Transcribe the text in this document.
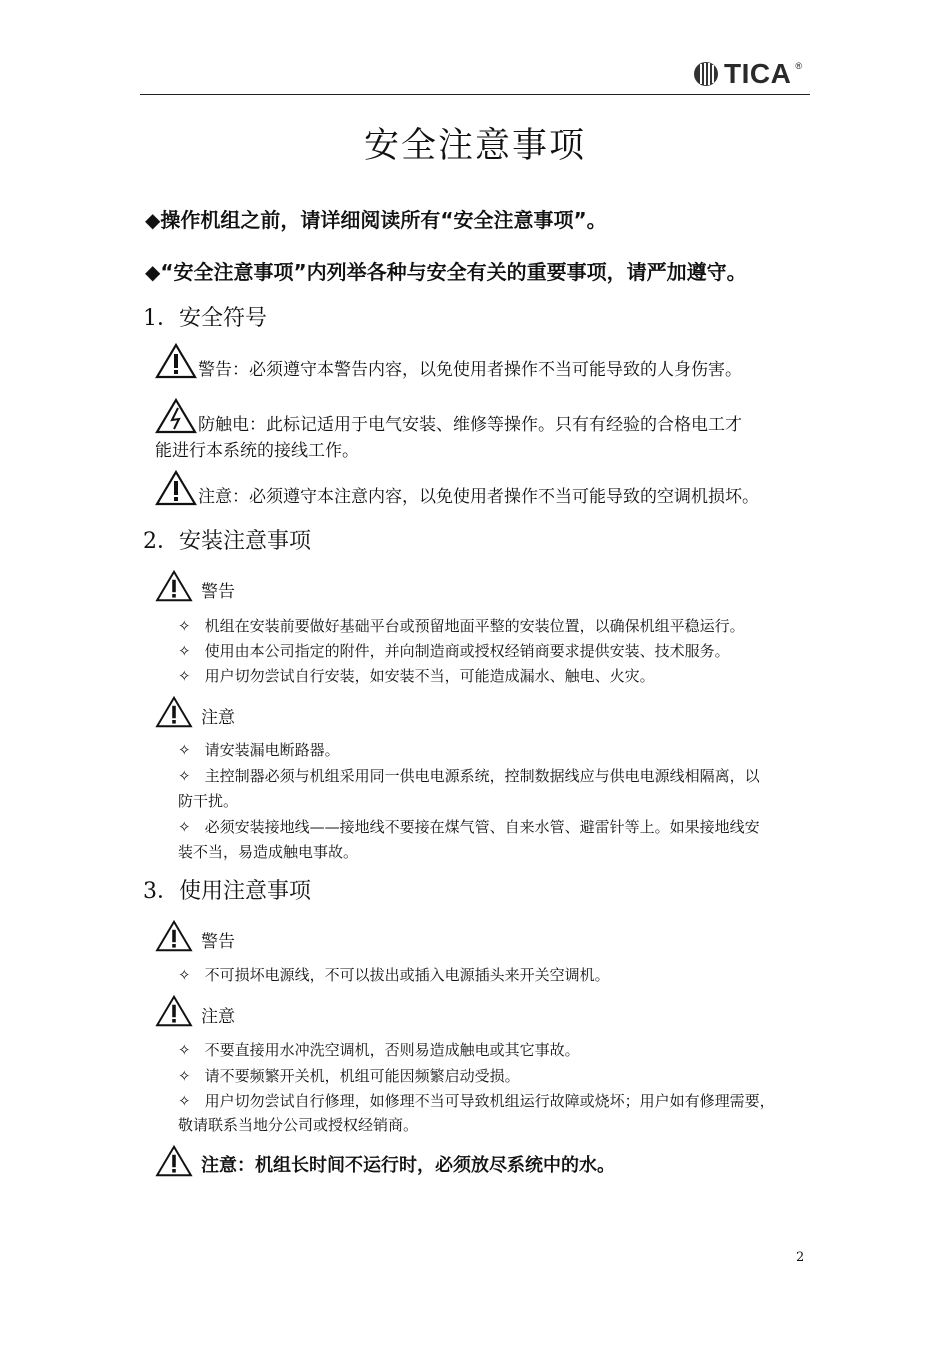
TICA ®
安全注意事项
◆操作机组之前，请详细阅读所有“安全注意事项”。
◆“安全注意事项”内列举各种与安全有关的重要事项，请严加遵守。
1．安全符号
警告：必须遵守本警告内容，以免使用者操作不当可能导致的人身伤害。
防触电：此标记适用于电气安装、维修等操作。只有有经验的合格电工才
能进行本系统的接线工作。
注意：必须遵守本注意内容，以免使用者操作不当可能导致的空调机损坏。
2．安装注意事项
警告
✧ 机组在安装前要做好基础平台或预留地面平整的安装位置，以确保机组平稳运行。
✧ 使用由本公司指定的附件，并向制造商或授权经销商要求提供安装、技术服务。
✧ 用户切勿尝试自行安装，如安装不当，可能造成漏水、触电、火灾。
注意
✧ 请安装漏电断路器。
✧ 主控制器必须与机组采用同一供电电源系统，控制数据线应与供电电源线相隔离，以
防干扰。
✧ 必须安装接地线——接地线不要接在煤气管、自来水管、避雷针等上。如果接地线安
装不当，易造成触电事故。
3．使用注意事项
警告
✧ 不可损坏电源线，不可以拔出或插入电源插头来开关空调机。
注意
✧ 不要直接用水冲洗空调机，否则易造成触电或其它事故。
✧ 请不要频繁开关机，机组可能因频繁启动受损。
✧ 用户切勿尝试自行修理，如修理不当可导致机组运行故障或烧坏；用户如有修理需要，
敬请联系当地分公司或授权经销商。
注意：机组长时间不运行时，必须放尽系统中的水。
2
